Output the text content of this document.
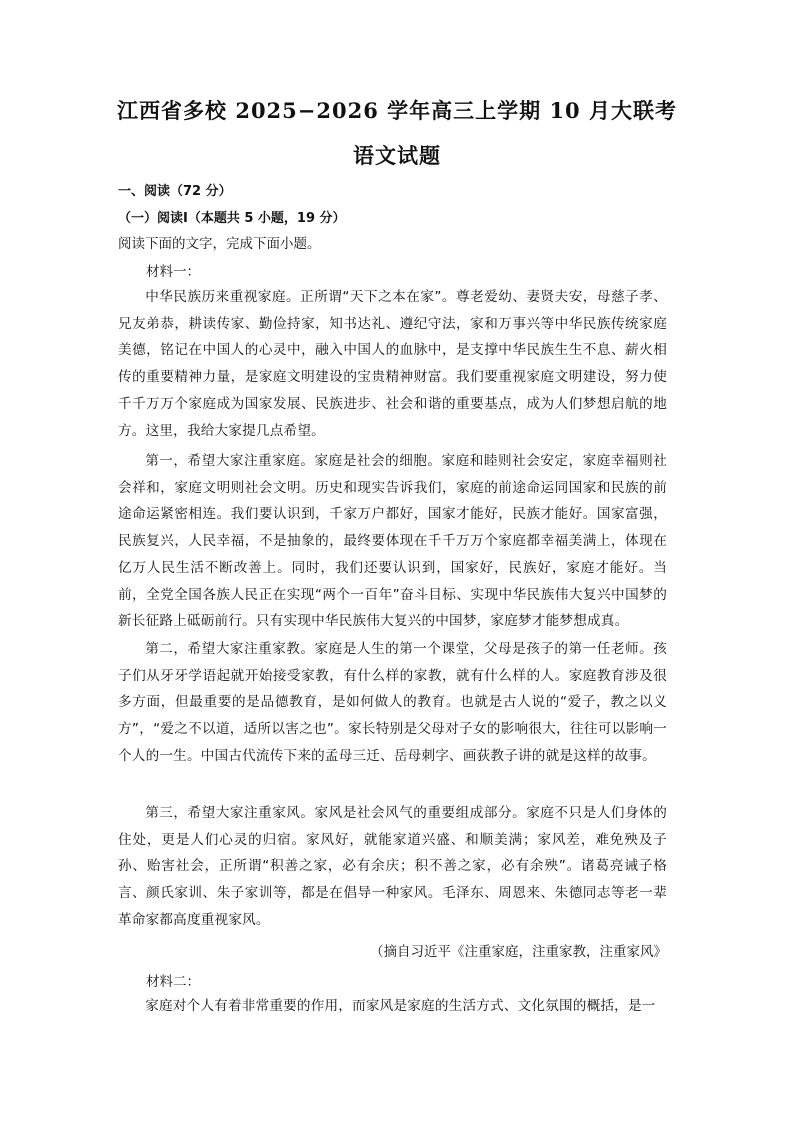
江西省多校 2025−2026 学年高三上学期 10 月大联考
语文试题
一、阅读（72 分）
（一）阅读Ⅰ（本题共 5 小题，19 分）
阅读下面的文字，完成下面小题。
材料一：

中华民族历来重视家庭。正所谓“天下之本在家”。尊老爱幼、妻贤夫安，母慈子孝、兄友弟恭，耕读传家、勤俭持家，知书达礼、遵纪守法，家和万事兴等中华民族传统家庭美德，铭记在中国人的心灵中，融入中国人的血脉中，是支撑中华民族生生不息、薪火相传的重要精神力量，是家庭文明建设的宝贵精神财富。我们要重视家庭文明建设，努力使千千万万个家庭成为国家发展、民族进步、社会和谐的重要基点，成为人们梦想启航的地方。这里，我给大家提几点希望。

第一，希望大家注重家庭。家庭是社会的细胞。家庭和睦则社会安定，家庭幸福则社会祥和，家庭文明则社会文明。历史和现实告诉我们，家庭的前途命运同国家和民族的前途命运紧密相连。我们要认识到，千家万户都好，国家才能好，民族才能好。国家富强，民族复兴，人民幸福，不是抽象的，最终要体现在千千万万个家庭都幸福美满上，体现在亿万人民生活不断改善上。同时，我们还要认识到，国家好，民族好，家庭才能好。当前，全党全国各族人民正在实现“两个一百年”奋斗目标、实现中华民族伟大复兴中国梦的新长征路上砥砺前行。只有实现中华民族伟大复兴的中国梦，家庭梦才能梦想成真。

第二，希望大家注重家教。家庭是人生的第一个课堂，父母是孩子的第一任老师。孩子们从牙牙学语起就开始接受家教，有什么样的家教，就有什么样的人。家庭教育涉及很多方面，但最重要的是品德教育，是如何做人的教育。也就是古人说的“爱子，教之以义方”，“爱之不以道，适所以害之也”。家长特别是父母对子女的影响很大，往往可以影响一个人的一生。中国古代流传下来的孟母三迁、岳母刺字、画荻教子讲的就是这样的故事。

第三，希望大家注重家风。家风是社会风气的重要组成部分。家庭不只是人们身体的住处，更是人们心灵的归宿。家风好，就能家道兴盛、和顺美满；家风差，难免殃及子孙、贻害社会，正所谓“积善之家，必有余庆；积不善之家，必有余殃”。诸葛亮诫子格言、颜氏家训、朱子家训等，都是在倡导一种家风。毛泽东、周恩来、朱德同志等老一辈革命家都高度重视家风。

（摘自习近平《注重家庭，注重家教，注重家风》
材料二：

家庭对个人有着非常重要的作用，而家风是家庭的生活方式、文化氛围的概括，是一
